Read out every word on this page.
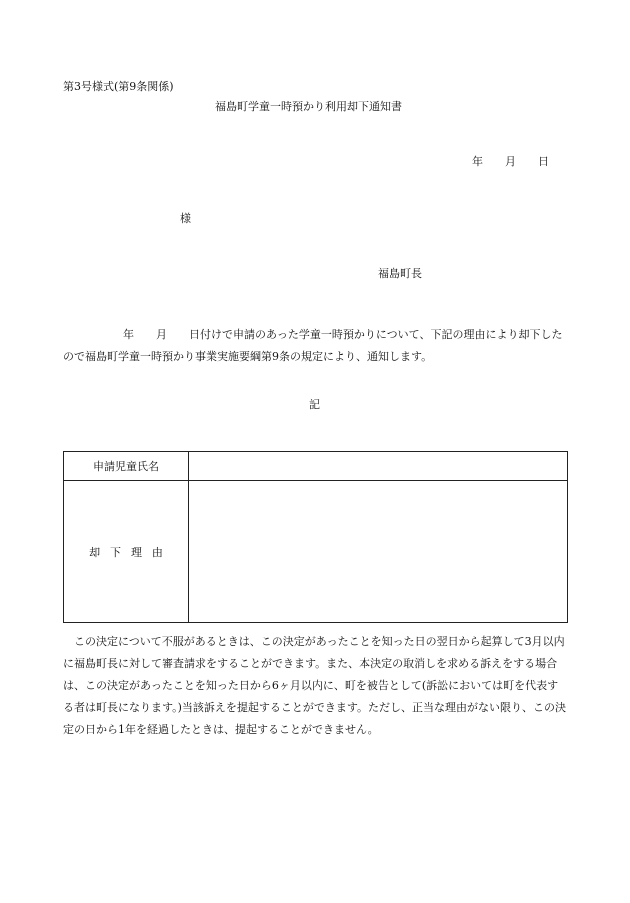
第3号様式(第9条関係)
福島町学童一時預かり利用却下通知書
年 月 日
様
福島町長
年 月 日付けで申請のあった学童一時預かりについて、下記の理由により却下したので福島町学童一時預かり事業実施要綱第9条の規定により、通知します。
記
申請児童氏名	
却下理由	
この決定について不服があるときは、この決定があったことを知った日の翌日から起算して3月以内に福島町長に対して審査請求をすることができます。また、本決定の取消しを求める訴えをする場合は、この決定があったことを知った日から6ヶ月以内に、町を被告として(訴訟においては町を代表する者は町長になります。)当該訴えを提起することができます。ただし、正当な理由がない限り、この決定の日から1年を経過したときは、提起することができません。
